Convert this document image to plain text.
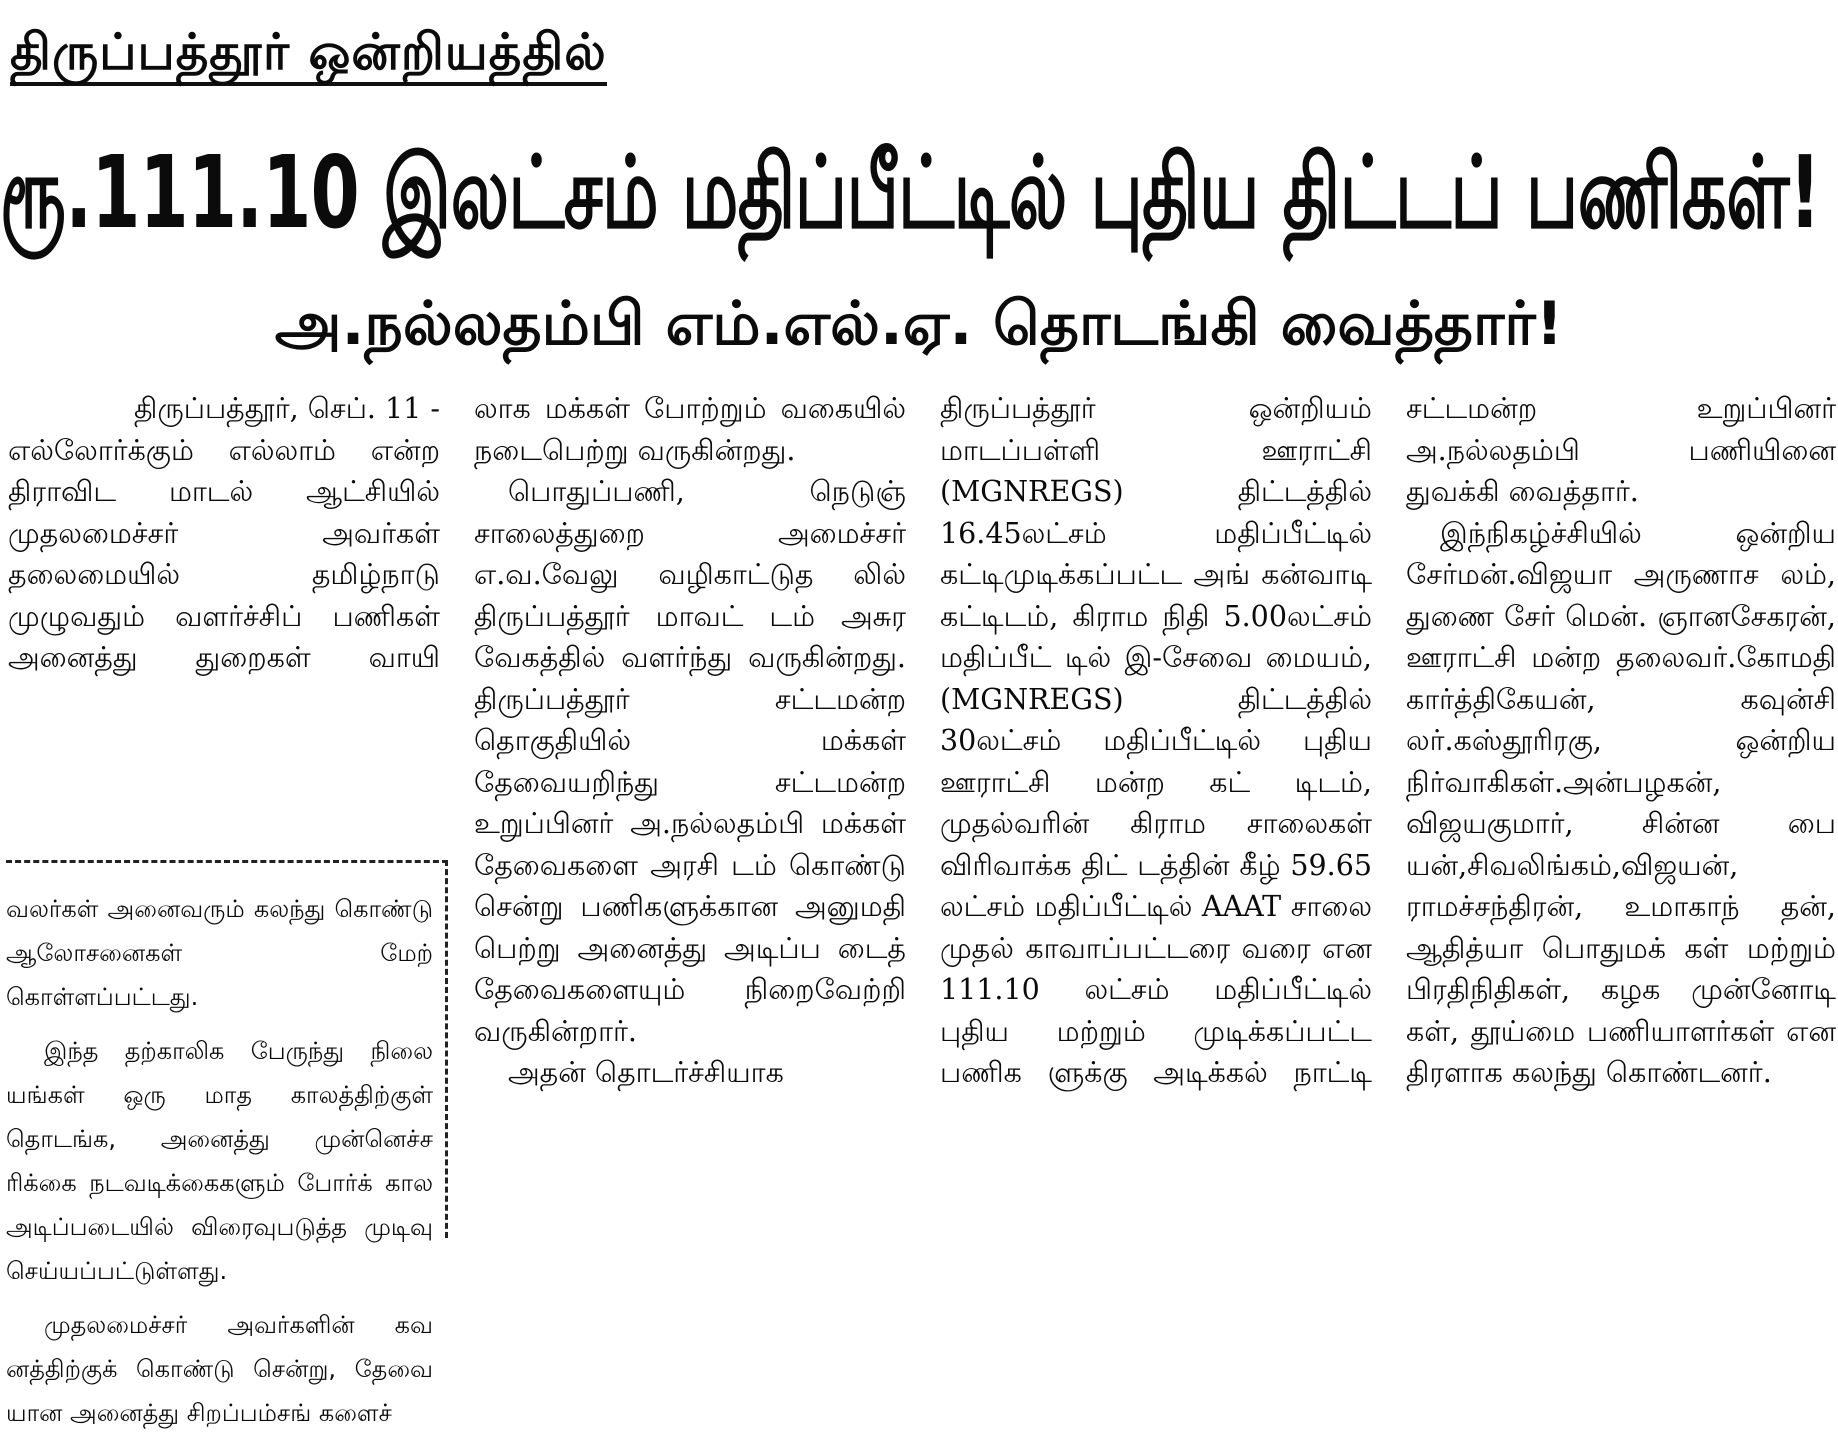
திருப்பத்தூர் ஒன்றியத்தில்
ரூ.111.10 இலட்சம் மதிப்பீட்டில் புதிய திட்டப் பணிகள்!
அ.நல்லதம்பி எம்.எல்.ஏ. தொடங்கி வைத்தார்!

திருப்பத்தூர், செப். 11 -

எல்லோர்க்கும் எல்லாம் என்ற திராவிட மாடல் ஆட்சியில் முதலமைச்சர் அவர்கள் தலைமையில் தமிழ்நாடு முழுவதும் வளர்ச்சிப் பணிகள் அனைத்து துறைகள் வாயி

லாக மக்கள் போற்றும் வகையில் நடைபெற்று வருகின்றது.

பொதுப்பணி, நெடுஞ் சாலைத்துறை அமைச்சர் எ.வ.வேலு வழிகாட்டுத லில் திருப்பத்தூர் மாவட் டம் அசுர வேகத்தில் வளர்ந்து வருகின்றது. திருப்பத்தூர் சட்டமன்ற தொகுதியில் மக்கள் தேவையறிந்து சட்டமன்ற உறுப்பினர் அ.நல்லதம்பி மக்கள் தேவைகளை அரசி டம் கொண்டு சென்று பணிகளுக்கான அனுமதி பெற்று அனைத்து அடிப்ப டைத் தேவைகளையும் நிறைவேற்றி வருகின்றார்.

அதன் தொடர்ச்சியாக

திருப்பத்தூர் ஒன்றியம் மாடப்பள்ளி ஊராட்சி (MGNREGS) திட்டத்தில் 16.45லட்சம் மதிப்பீட்டில் கட்டிமுடிக்கப்பட்ட அங் கன்வாடி கட்டிடம், கிராம நிதி 5.00லட்சம் மதிப்பீட் டில் இ-சேவை மையம், (MGNREGS) திட்டத்தில் 30லட்சம் மதிப்பீட்டில் புதிய ஊராட்சி மன்ற கட் டிடம், முதல்வரின் கிராம சாலைகள் விரிவாக்க திட் டத்தின் கீழ் 59.65 லட்சம் மதிப்பீட்டில் AAAT சாலை முதல் காவாப்பட்டரை வரை என 111.10 லட்சம் மதிப்பீட்டில் புதிய மற்றும் முடிக்கப்பட்ட பணிக ளுக்கு அடிக்கல் நாட்டி

சட்டமன்ற உறுப்பினர் அ.நல்லதம்பி பணியினை துவக்கி வைத்தார்.

இந்நிகழ்ச்சியில் ஒன்றிய சேர்மன்.விஜயா அருணாச லம், துணை சேர் மென். ஞானசேகரன், ஊராட்சி மன்ற தலைவர்.கோமதி கார்த்திகேயன், கவுன்சி லர்.கஸ்தூரிரகு, ஒன்றிய நிர்வாகிகள்.அன்பழகன், விஜயகுமார், சின்ன பை யன்,சிவலிங்கம்,விஜயன், ராமச்சந்திரன், உமாகாந் தன், ஆதித்யா பொதுமக் கள் மற்றும் பிரதிநிதிகள், கழக முன்னோடி கள், தூய்மை பணியாளர்கள் என திரளாக கலந்து கொண்டனர்.

வலர்கள் அனைவரும் கலந்து கொண்டு ஆலோசனைகள் மேற் கொள்ளப்பட்டது.

இந்த தற்காலிக பேருந்து நிலை யங்கள் ஒரு மாத காலத்திற்குள் தொடங்க, அனைத்து முன்னெச்ச ரிக்கை நடவடிக்கைகளும் போர்க் கால அடிப்படையில் விரைவுபடுத்த முடிவு செய்யப்பட்டுள்ளது.

முதலமைச்சர் அவர்களின் கவ னத்திற்குக் கொண்டு சென்று, தேவை யான அனைத்து சிறப்பம்சங் களைச்
